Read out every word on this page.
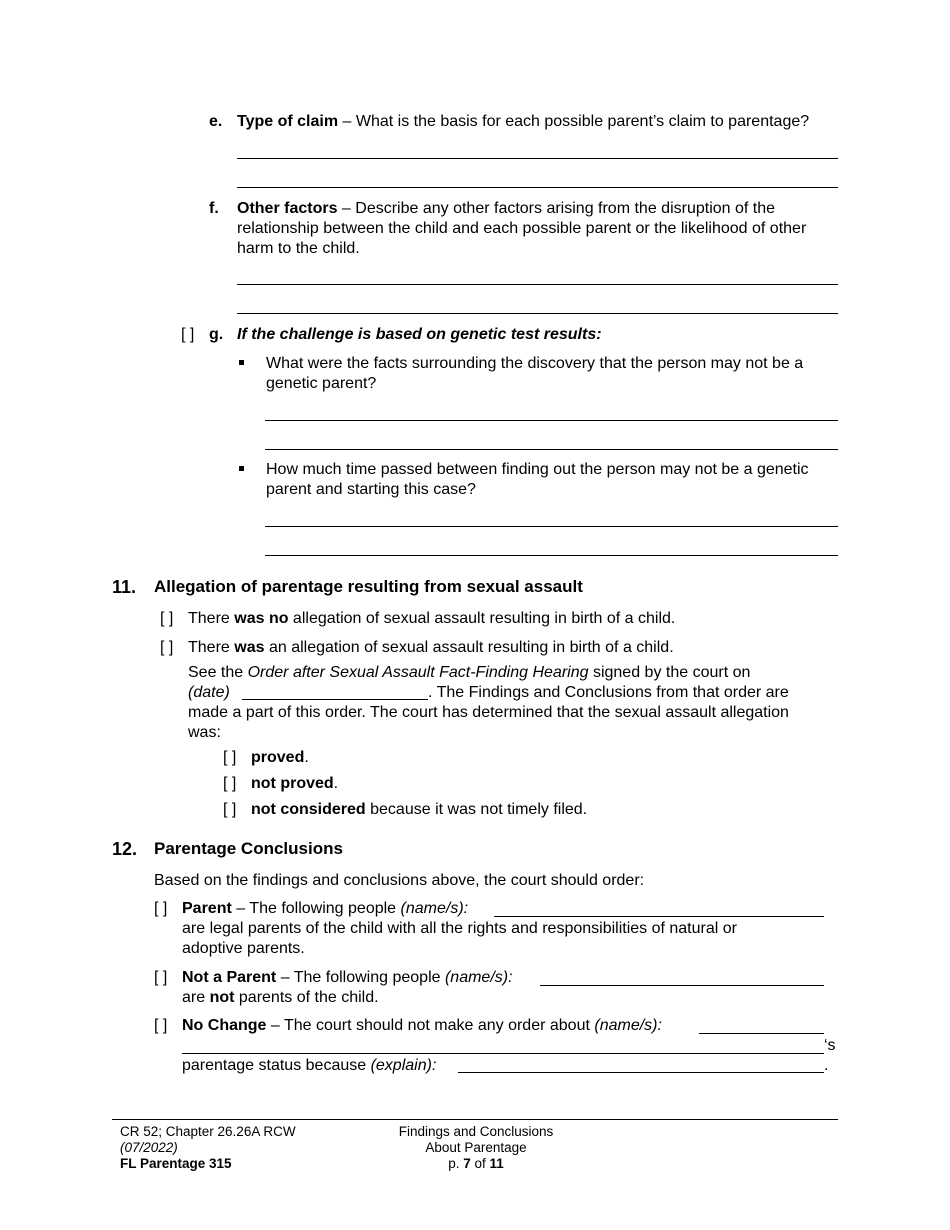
e. Type of claim – What is the basis for each possible parent’s claim to parentage?
f. Other factors – Describe any other factors arising from the disruption of the
relationship between the child and each possible parent or the likelihood of other
harm to the child.
[ ] g. If the challenge is based on genetic test results:
What were the facts surrounding the discovery that the person may not be a
genetic parent?
How much time passed between finding out the person may not be a genetic
parent and starting this case?
11. Allegation of parentage resulting from sexual assault
[ ] There was no allegation of sexual assault resulting in birth of a child.
[ ] There was an allegation of sexual assault resulting in birth of a child.
See the Order after Sexual Assault Fact-Finding Hearing signed by the court on
(date)	. The Findings and Conclusions from that order are
made a part of this order. The court has determined that the sexual assault allegation
was:
[ ] proved.
[ ] not proved.
[ ] not considered because it was not timely filed.
12. Parentage Conclusions
Based on the findings and conclusions above, the court should order:
[ ] Parent – The following people (name/s):
are legal parents of the child with all the rights and responsibilities of natural or
adoptive parents.
[ ] Not a Parent – The following people (name/s):
are not parents of the child.
[ ] No Change – The court should not make any order about (name/s):
‘s
parentage status because (explain):	.
CR 52; Chapter 26.26A RCW
(07/2022)
FL Parentage 315
Findings and Conclusions
About Parentage
p. 7 of 11
